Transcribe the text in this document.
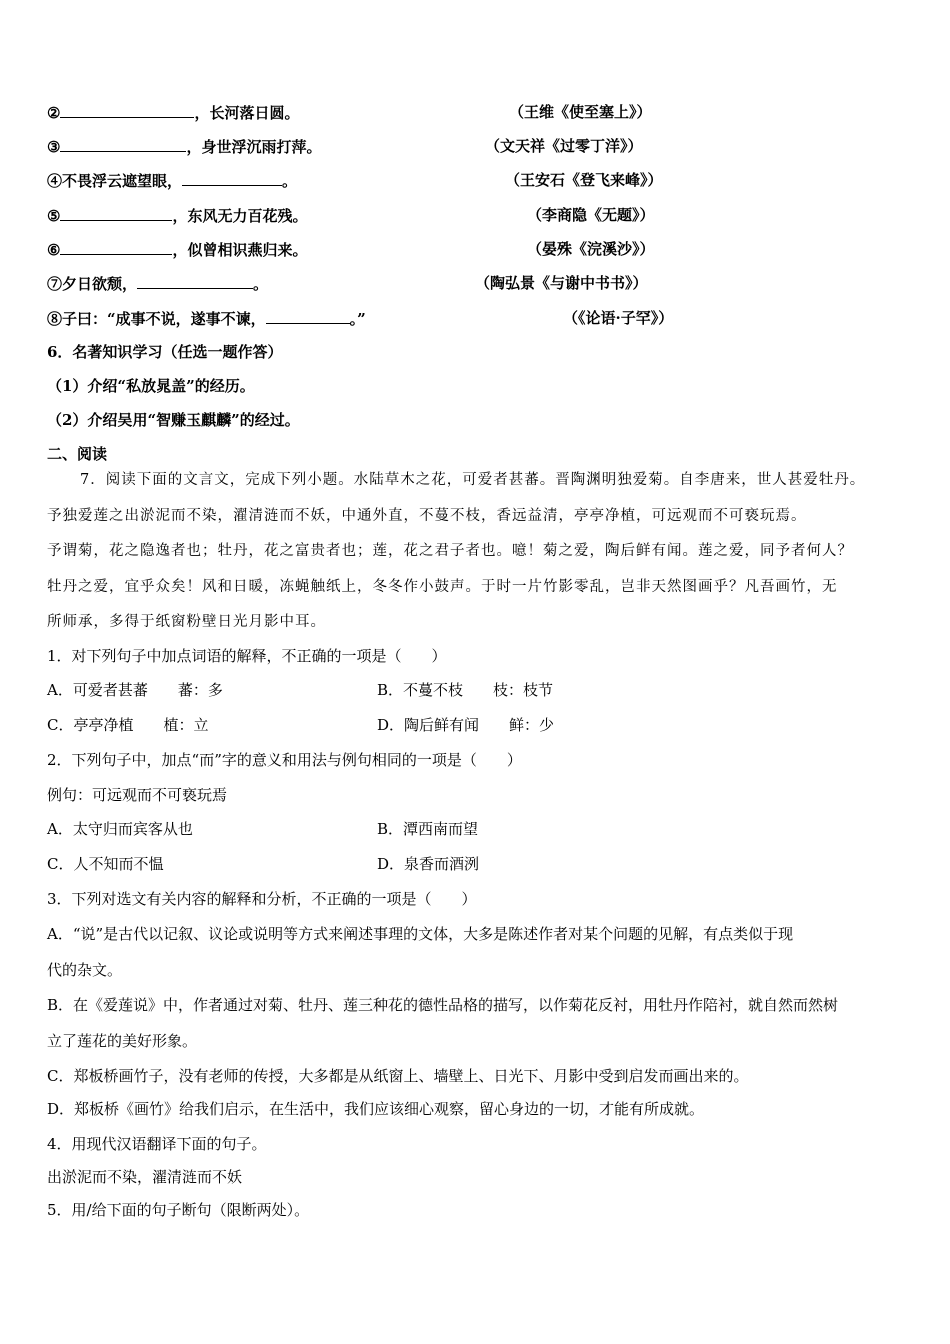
②	，长河落日圆。	（王维《使至塞上》）
③	，身世浮沉雨打萍。	（文天祥《过零丁洋》）
④不畏浮云遮望眼，	。	（王安石《登飞来峰》）
⑤	，东风无力百花残。	（李商隐《无题》）
⑥	，似曾相识燕归来。	（晏殊《浣溪沙》）
⑦夕日欲颓，	。	（陶弘景《与谢中书书》）
⑧子曰：“成事不说，遂事不谏，	。”	（《论语·子罕》）
6．名著知识学习（任选一题作答）
（1）介绍“私放晁盖”的经历。
（2）介绍吴用“智赚玉麒麟”的经过。
二、阅读
7．阅读下面的文言文，完成下列小题。水陆草木之花，可爱者甚蕃。晋陶渊明独爱菊。自李唐来，世人甚爱牡丹。
予独爱莲之出淤泥而不染，濯清涟而不妖，中通外直，不蔓不枝，香远益清，亭亭净植，可远观而不可亵玩焉。
予谓菊，花之隐逸者也；牡丹，花之富贵者也；莲，花之君子者也。噫！菊之爱，陶后鲜有闻。莲之爱，同予者何人？
牡丹之爱，宜乎众矣！风和日暖，冻蝇触纸上，冬冬作小鼓声。于时一片竹影零乱，岂非天然图画乎？凡吾画竹，无
所师承，多得于纸窗粉壁日光月影中耳。
1．对下列句子中加点词语的解释，不正确的一项是（　　）
A．可爱者甚蕃　　蕃：多	B．不蔓不枝　　枝：枝节
C．亭亭净植　　植：立	D．陶后鲜有闻　　鲜：少
2．下列句子中，加点“而”字的意义和用法与例句相同的一项是（　　）
例句：可远观而不可亵玩焉
A．太守归而宾客从也	B．潭西南而望
C．人不知而不愠	D．泉香而酒洌
3．下列对选文有关内容的解释和分析，不正确的一项是（　　）
A．“说”是古代以记叙、议论或说明等方式来阐述事理的文体，大多是陈述作者对某个问题的见解，有点类似于现
代的杂文。
B．在《爱莲说》中，作者通过对菊、牡丹、莲三种花的德性品格的描写，以作菊花反衬，用牡丹作陪衬，就自然而然树
立了莲花的美好形象。
C．郑板桥画竹子，没有老师的传授，大多都是从纸窗上、墙壁上、日光下、月影中受到启发而画出来的。
D．郑板桥《画竹》给我们启示，在生活中，我们应该细心观察，留心身边的一切，才能有所成就。
4．用现代汉语翻译下面的句子。
出淤泥而不染，濯清涟而不妖
5．用/给下面的句子断句（限断两处）。
